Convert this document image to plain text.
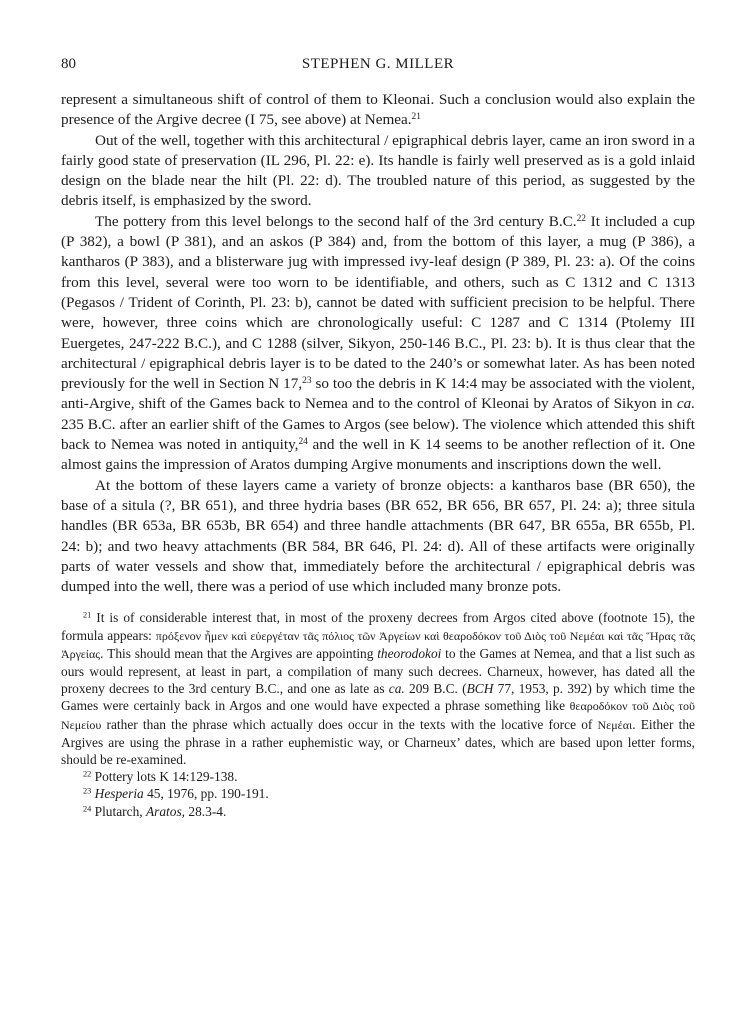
80	STEPHEN G. MILLER

represent a simultaneous shift of control of them to Kleonai. Such a conclusion would also explain the presence of the Argive decree (I 75, see above) at Nemea.$^{21}$

Out of the well, together with this architectural / epigraphical debris layer, came an iron sword in a fairly good state of preservation (IL 296, Pl. 22: e). Its handle is fairly well preserved as is a gold inlaid design on the blade near the hilt (Pl. 22: d). The troubled nature of this period, as suggested by the debris itself, is emphasized by the sword.

The pottery from this level belongs to the second half of the 3rd century B.C.$^{22}$ It included a cup (P 382), a bowl (P 381), and an askos (P 384) and, from the bottom of this layer, a mug (P 386), a kantharos (P 383), and a blisterware jug with impressed ivy-leaf design (P 389, Pl. 23: a). Of the coins from this level, several were too worn to be identifiable, and others, such as C 1312 and C 1313 (Pegasos / Trident of Corinth, Pl. 23: b), cannot be dated with sufficient precision to be helpful. There were, however, three coins which are chronologically useful: C 1287 and C 1314 (Ptolemy III Euergetes, 247-222 B.C.), and C 1288 (silver, Sikyon, 250-146 B.C., Pl. 23: b). It is thus clear that the architectural / epigraphical debris layer is to be dated to the 240’s or somewhat later. As has been noted previously for the well in Section N 17,23 so too the debris in K 14:4 may be associated with the violent, anti-Argive, shift of the Games back to Nemea and to the control of Kleonai by Aratos of Sikyon in ca. 235 B.C. after an earlier shift of the Games to Argos (see below). The violence which attended this shift back to Nemea was noted in antiquity,$^{24}$ and the well in K 14 seems to be another reflection of it. One almost gains the impression of Aratos dumping Argive monuments and inscriptions down the well.

At the bottom of these layers came a variety of bronze objects: a kantharos base (BR 650), the base of a situla (?, BR 651), and three hydria bases (BR 652, BR 656, BR 657, Pl. 24: a); three situla handles (BR 653a, BR 653b, BR 654) and three handle attachments (BR 647, BR 655a, BR 655b, Pl. 24: b); and two heavy attachments (BR 584, BR 646, Pl. 24: d). All of these artifacts were originally parts of water vessels and show that, immediately before the architectural / epigraphical debris was dumped into the well, there was a period of use which included many bronze pots.

$^{21}$ It is of considerable interest that, in most of the proxeny decrees from Argos cited above (footnote 15), the formula appears: πρόξενον ἦμεν καὶ εὐεργέταν τᾶς πόλιος τῶν Ἀργείων καὶ θεαροδόκον τοῦ Διὸς τοῦ Νεμέαι καὶ τᾶς Ἥρας τᾶς Ἀργείας. This should mean that the Argives are appointing theorodokoi to the Games at Nemea, and that a list such as ours would represent, at least in part, a compilation of many such decrees. Charneux, however, has dated all the proxeny decrees to the 3rd century B.C., and one as late as ca. 209 B.C. (BCH 77, 1953, p. 392) by which time the Games were certainly back in Argos and one would have expected a phrase something like θεαροδόκον τοῦ Διὸς τοῦ Νεμείου rather than the phrase which actually does occur in the texts with the locative force of Νεμέαι. Either the Argives are using the phrase in a rather euphemistic way, or Charneux’ dates, which are based upon letter forms, should be re-examined.

$^{22}$ Pottery lots K 14:129-138.

$^{23}$ Hesperia 45, 1976, pp. 190-191.

$^{24}$ Plutarch, Aratos, 28.3-4.
